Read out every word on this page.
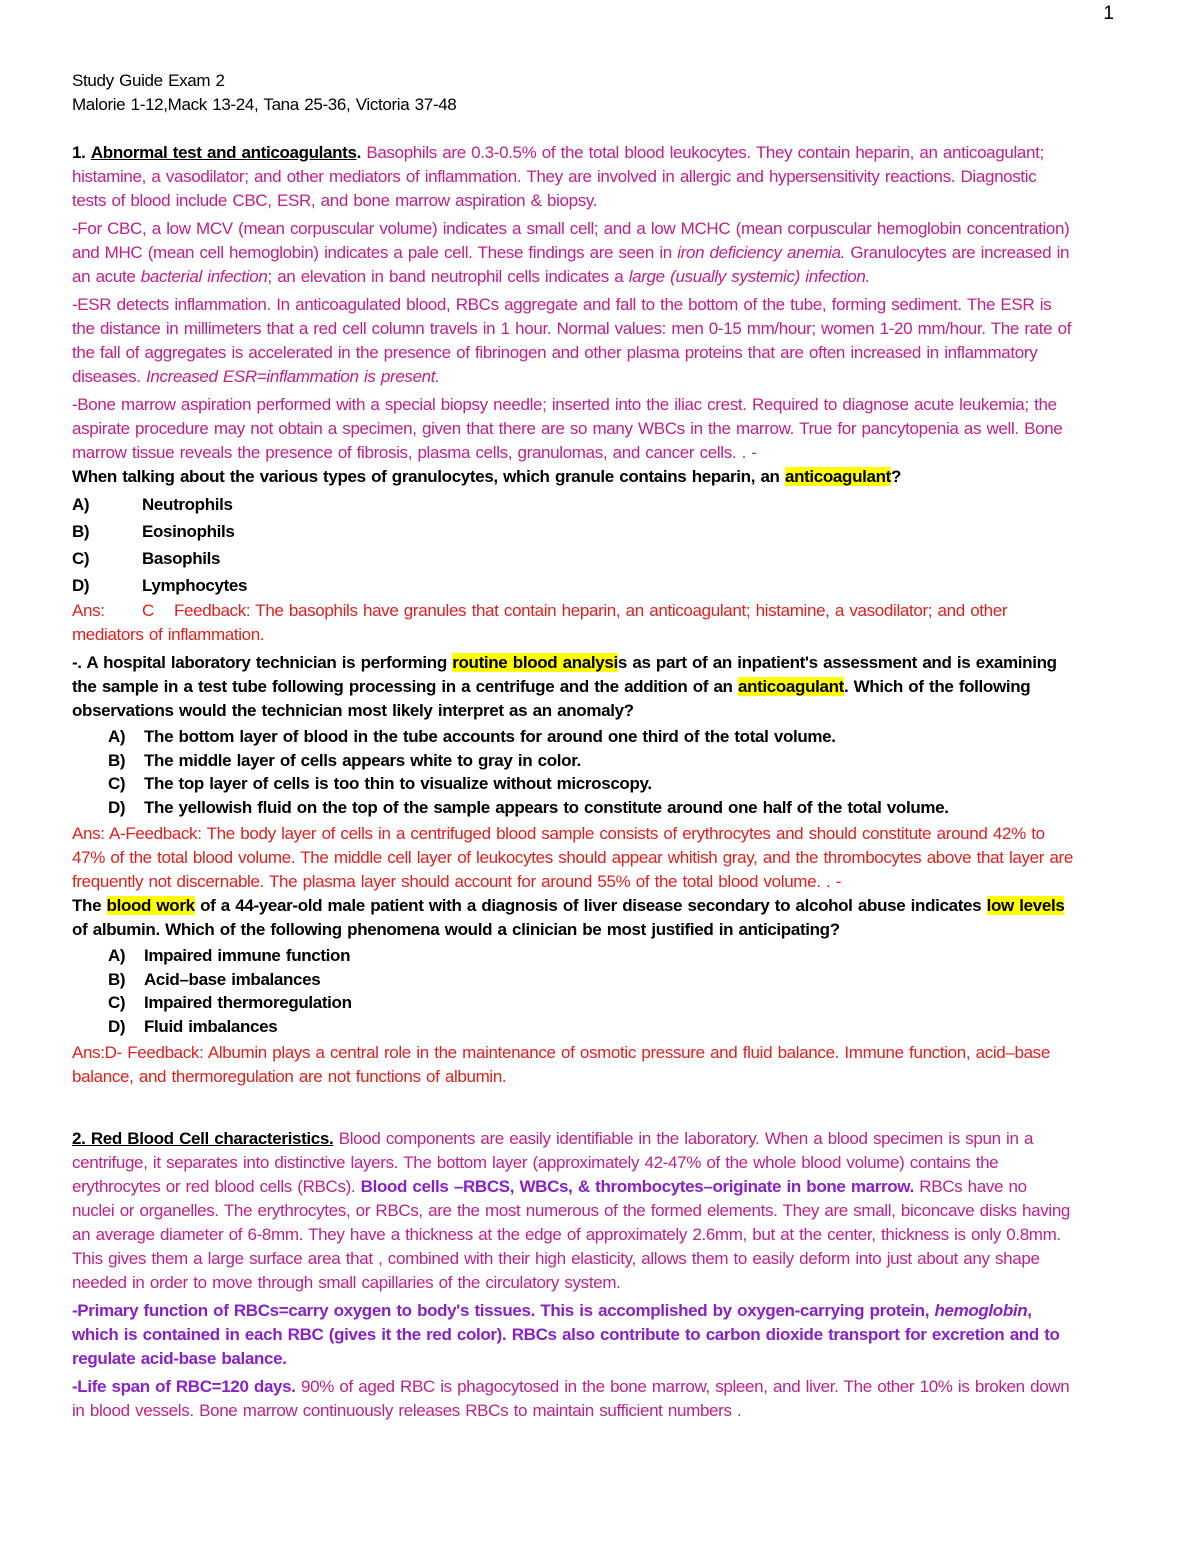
1

Study Guide Exam 2

Malorie 1-12,Mack 13-24, Tana 25-36, Victoria 37-48

1. Abnormal test and anticoagulants. Basophils are 0.3-0.5% of the total blood leukocytes. They contain heparin, an anticoagulant; histamine, a vasodilator; and other mediators of inflammation. They are involved in allergic and hypersensitivity reactions. Diagnostic tests of blood include CBC, ESR, and bone marrow aspiration & biopsy.

-For CBC, a low MCV (mean corpuscular volume) indicates a small cell; and a low MCHC (mean corpuscular hemoglobin concentration) and MHC (mean cell hemoglobin) indicates a pale cell. These findings are seen in iron deficiency anemia. Granulocytes are increased in an acute bacterial infection; an elevation in band neutrophil cells indicates a large (usually systemic) infection.

-ESR detects inflammation. In anticoagulated blood, RBCs aggregate and fall to the bottom of the tube, forming sediment. The ESR is the distance in millimeters that a red cell column travels in 1 hour. Normal values: men 0-15 mm/hour; women 1-20 mm/hour. The rate of the fall of aggregates is accelerated in the presence of fibrinogen and other plasma proteins that are often increased in inflammatory diseases. Increased ESR=inflammation is present.

-Bone marrow aspiration performed with a special biopsy needle; inserted into the iliac crest. Required to diagnose acute leukemia; the aspirate procedure may not obtain a specimen, given that there are so many WBCs in the marrow. True for pancytopenia as well. Bone marrow tissue reveals the presence of fibrosis, plasma cells, granulomas, and cancer cells. . -

When talking about the various types of granulocytes, which granule contains heparin, an anticoagulant?

A)	Neutrophils
B)	Eosinophils
C)	Basophils
D)	Lymphocytes

Ans: C Feedback: The basophils have granules that contain heparin, an anticoagulant; histamine, a vasodilator; and other mediators of inflammation.

-. A hospital laboratory technician is performing routine blood analysis as part of an inpatient's assessment and is examining the sample in a test tube following processing in a centrifuge and the addition of an anticoagulant. Which of the following observations would the technician most likely interpret as an anomaly?

A)	The bottom layer of blood in the tube accounts for around one third of the total volume.
B)	The middle layer of cells appears white to gray in color.
C)	The top layer of cells is too thin to visualize without microscopy.
D)	The yellowish fluid on the top of the sample appears to constitute around one half of the total volume.

Ans: A-Feedback: The body layer of cells in a centrifuged blood sample consists of erythrocytes and should constitute around 42% to 47% of the total blood volume. The middle cell layer of leukocytes should appear whitish gray, and the thrombocytes above that layer are frequently not discernable. The plasma layer should account for around 55% of the total blood volume. . -

The blood work of a 44-year-old male patient with a diagnosis of liver disease secondary to alcohol abuse indicates low levels of albumin. Which of the following phenomena would a clinician be most justified in anticipating?

A)	Impaired immune function
B)	Acid–base imbalances
C)	Impaired thermoregulation
D)	Fluid imbalances

Ans:D- Feedback: Albumin plays a central role in the maintenance of osmotic pressure and fluid balance. Immune function, acid–base balance, and thermoregulation are not functions of albumin.

2. Red Blood Cell characteristics. Blood components are easily identifiable in the laboratory. When a blood specimen is spun in a centrifuge, it separates into distinctive layers. The bottom layer (approximately 42-47% of the whole blood volume) contains the erythrocytes or red blood cells (RBCs). Blood cells –RBCS, WBCs, & thrombocytes–originate in bone marrow. RBCs have no nuclei or organelles. The erythrocytes, or RBCs, are the most numerous of the formed elements. They are small, biconcave disks having an average diameter of 6-8mm. They have a thickness at the edge of approximately 2.6mm, but at the center, thickness is only 0.8mm. This gives them a large surface area that , combined with their high elasticity, allows them to easily deform into just about any shape needed in order to move through small capillaries of the circulatory system.

-Primary function of RBCs=carry oxygen to body's tissues. This is accomplished by oxygen-carrying protein, hemoglobin, which is contained in each RBC (gives it the red color). RBCs also contribute to carbon dioxide transport for excretion and to regulate acid-base balance.

-Life span of RBC=120 days. 90% of aged RBC is phagocytosed in the bone marrow, spleen, and liver. The other 10% is broken down in blood vessels. Bone marrow continuously releases RBCs to maintain sufficient numbers .
